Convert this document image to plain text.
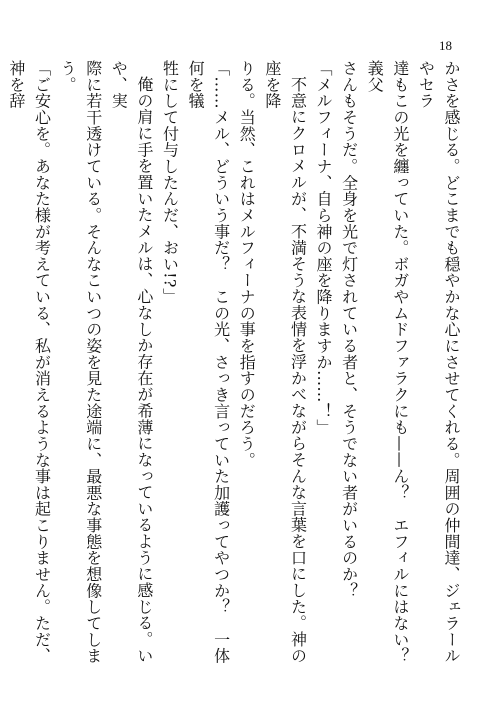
18

かさを感じる。どこまでも穏やかな心にさせてくれる。周囲の仲間達、ジェラールやセラ

達もこの光を纏っていた。ボガやムドファラクにも——ん？　エフィルにはない？　義父

さんもそうだ。全身を光で灯されている者と、そうでない者がいるのか？

「メルフィーナ、自ら神の座を降りますか……！」

不意にクロメルが、不満そうな表情を浮かべながらそんな言葉を口にした。神の座を降

りる。当然、これはメルフィーナの事を指すのだろう。

「……メル、どういう事だ？　この光、さっき言っていた加護ってやつか？　一体何を犠

牲にして付与したんだ、おい!?」

俺の肩に手を置いたメルは、心なしか存在が希薄になっているように感じる。いや、実

際に若干透けている。そんなこいつの姿を見た途端に、最悪な事態を想像してしまう。

「ご安心を。あなた様が考えている、私が消えるような事は起こりません。ただ、神を辞
